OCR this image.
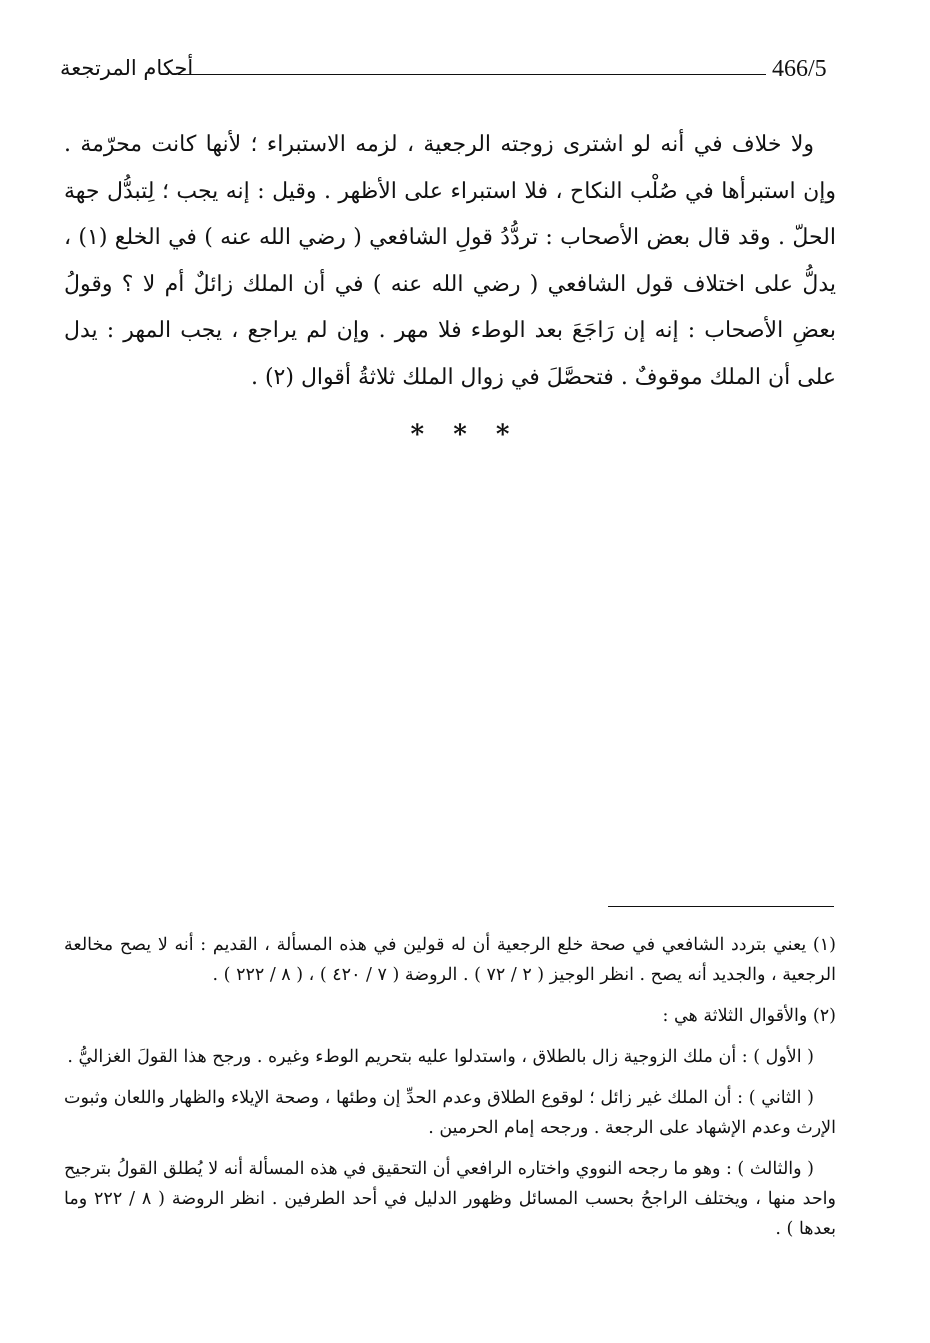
أحكام المرتجعة	466/5

ولا خلاف في أنه لو اشترى زوجته الرجعية ، لزمه الاستبراء ؛ لأنها كانت محرّمة . وإن استبرأها في صُلْب النكاح ، فلا استبراء على الأظهر . وقيل : إنه يجب ؛ لِتبدُّل جهة الحلّ . وقد قال بعض الأصحاب : تردُّدُ قولِ الشافعي ( رضي الله عنه ) في الخلع (١) ، يدلُّ على اختلاف قول الشافعي ( رضي الله عنه ) في أن الملك زائلٌ أم لا ؟ وقولُ بعضِ الأصحاب : إنه إن رَاجَعَ بعد الوطء فلا مهر . وإن لم يراجع ، يجب المهر : يدل على أن الملك موقوفٌ . فتحصَّلَ في زوال الملك ثلاثةُ أقوال (٢) .

* * *

(١) يعني بتردد الشافعي في صحة خلع الرجعية أن له قولين في هذه المسألة ، القديم : أنه لا يصح مخالعة الرجعية ، والجديد أنه يصح . انظر الوجيز ( ٢ / ٧٢ ) . الروضة ( ٧ / ٤٢٠ ) ، ( ٨ / ٢٢٢ ) .

(٢) والأقوال الثلاثة هي :

( الأول ) : أن ملك الزوجية زال بالطلاق ، واستدلوا عليه بتحريم الوطء وغيره . ورجح هذا القولَ الغزاليُّ .

( الثاني ) : أن الملك غير زائل ؛ لوقوع الطلاق وعدم الحدِّ إن وطئها ، وصحة الإيلاء والظهار واللعان وثبوت الإرث وعدم الإشهاد على الرجعة . ورجحه إمام الحرمين .

( والثالث ) : وهو ما رجحه النووي واختاره الرافعي أن التحقيق في هذه المسألة أنه لا يُطلق القولُ بترجيح واحد منها ، ويختلف الراجحُ بحسب المسائل وظهور الدليل في أحد الطرفين . انظر الروضة ( ٨ / ٢٢٢ وما بعدها ) .
